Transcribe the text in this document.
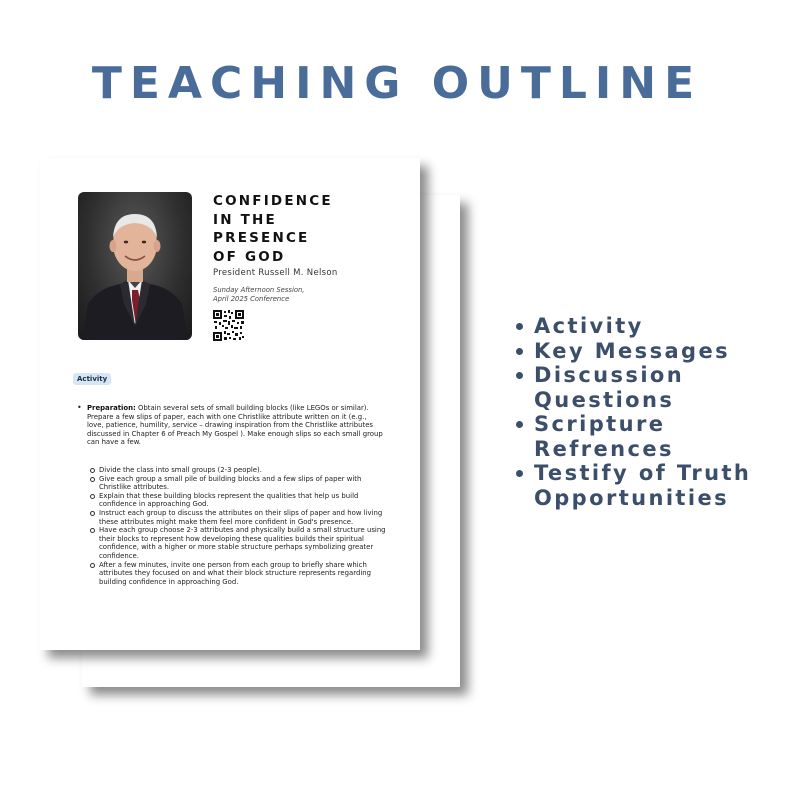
TEACHING OUTLINE
CONFIDENCE
IN THE
PRESENCE
OF GOD
President Russell M. Nelson
Sunday Afternoon Session,
April 2025 Conference
Activity
• Preparation: Obtain several sets of small building blocks (like LEGOs or similar). Prepare a few slips of paper, each with one Christlike attribute written on it (e.g., love, patience, humility, service – drawing inspiration from the Christlike attributes discussed in Chapter 6 of Preach My Gospel ). Make enough slips so each small group can have a few.
Divide the class into small groups (2-3 people).
Give each group a small pile of building blocks and a few slips of paper with Christlike attributes.
Explain that these building blocks represent the qualities that help us build confidence in approaching God.
Instruct each group to discuss the attributes on their slips of paper and how living these attributes might make them feel more confident in God's presence.
Have each group choose 2-3 attributes and physically build a small structure using their blocks to represent how developing these qualities builds their spiritual confidence, with a higher or more stable structure perhaps symbolizing greater confidence.
After a few minutes, invite one person from each group to briefly share which attributes they focused on and what their block structure represents regarding building confidence in approaching God.
Activity
Key Messages
Discussion
Questions
Scripture
Refrences
Testify of Truth
Opportunities
